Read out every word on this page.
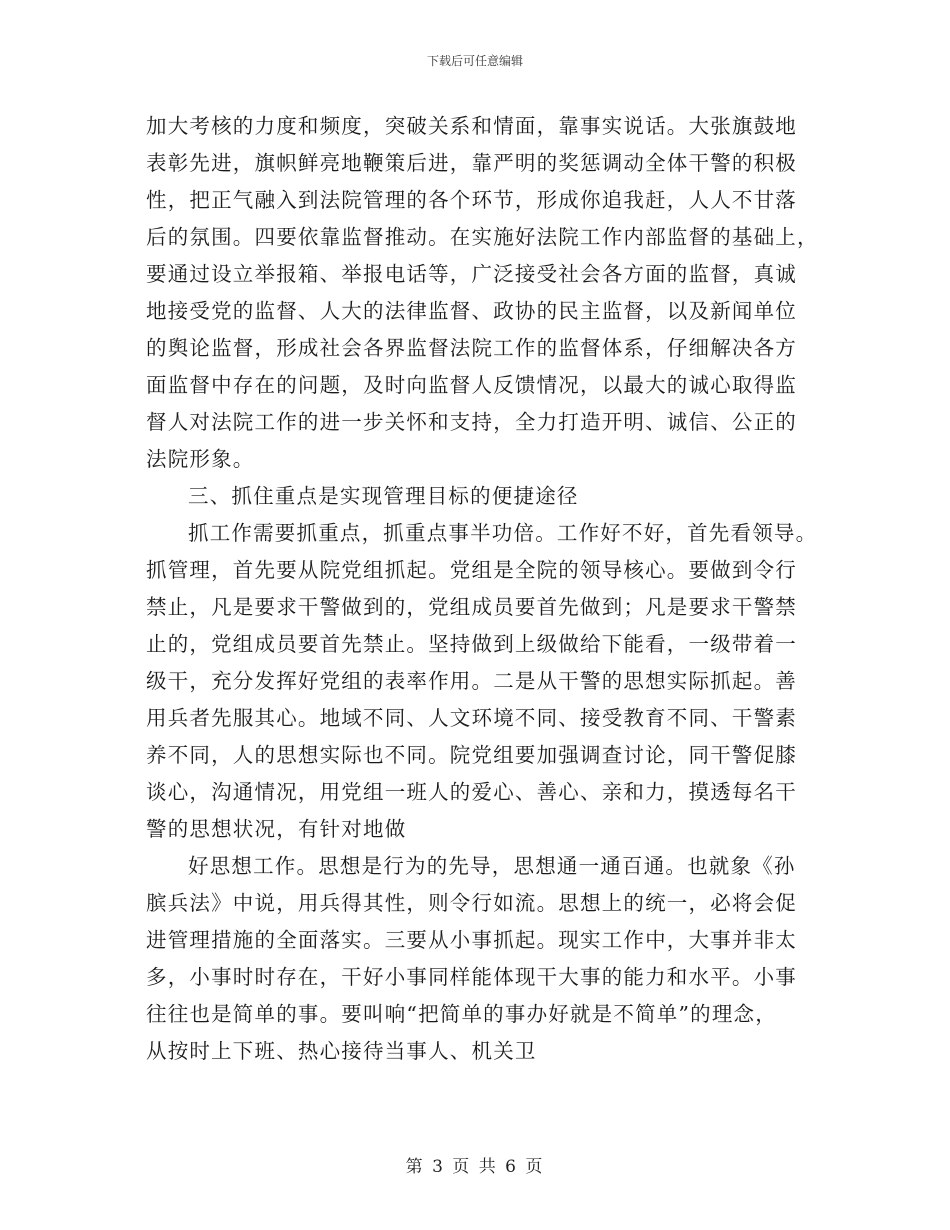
下载后可任意编辑
加大考核的力度和频度，突破关系和情面，靠事实说话。大张旗鼓地
表彰先进，旗帜鲜亮地鞭策后进，靠严明的奖惩调动全体干警的积极
性，把正气融入到法院管理的各个环节，形成你追我赶，人人不甘落
后的氛围。四要依靠监督推动。在实施好法院工作内部监督的基础上，
要通过设立举报箱、举报电话等，广泛接受社会各方面的监督，真诚
地接受党的监督、人大的法律监督、政协的民主监督，以及新闻单位
的舆论监督，形成社会各界监督法院工作的监督体系，仔细解决各方
面监督中存在的问题，及时向监督人反馈情况，以最大的诚心取得监
督人对法院工作的进一步关怀和支持，全力打造开明、诚信、公正的
法院形象。
三、抓住重点是实现管理目标的便捷途径
抓工作需要抓重点，抓重点事半功倍。工作好不好，首先看领导。
抓管理，首先要从院党组抓起。党组是全院的领导核心。要做到令行
禁止，凡是要求干警做到的，党组成员要首先做到；凡是要求干警禁
止的，党组成员要首先禁止。坚持做到上级做给下能看，一级带着一
级干，充分发挥好党组的表率作用。二是从干警的思想实际抓起。善
用兵者先服其心。地域不同、人文环境不同、接受教育不同、干警素
养不同，人的思想实际也不同。院党组要加强调查讨论，同干警促膝
谈心，沟通情况，用党组一班人的爱心、善心、亲和力，摸透每名干
警的思想状况，有针对地做
好思想工作。思想是行为的先导，思想通一通百通。也就象《孙
膑兵法》中说，用兵得其性，则令行如流。思想上的统一，必将会促
进管理措施的全面落实。三要从小事抓起。现实工作中，大事并非太
多，小事时时存在，干好小事同样能体现干大事的能力和水平。小事
往往也是简单的事。要叫响“把简单的事办好就是不简单”的理念，
从按时上下班、热心接待当事人、机关卫
第 3 页 共 6 页
